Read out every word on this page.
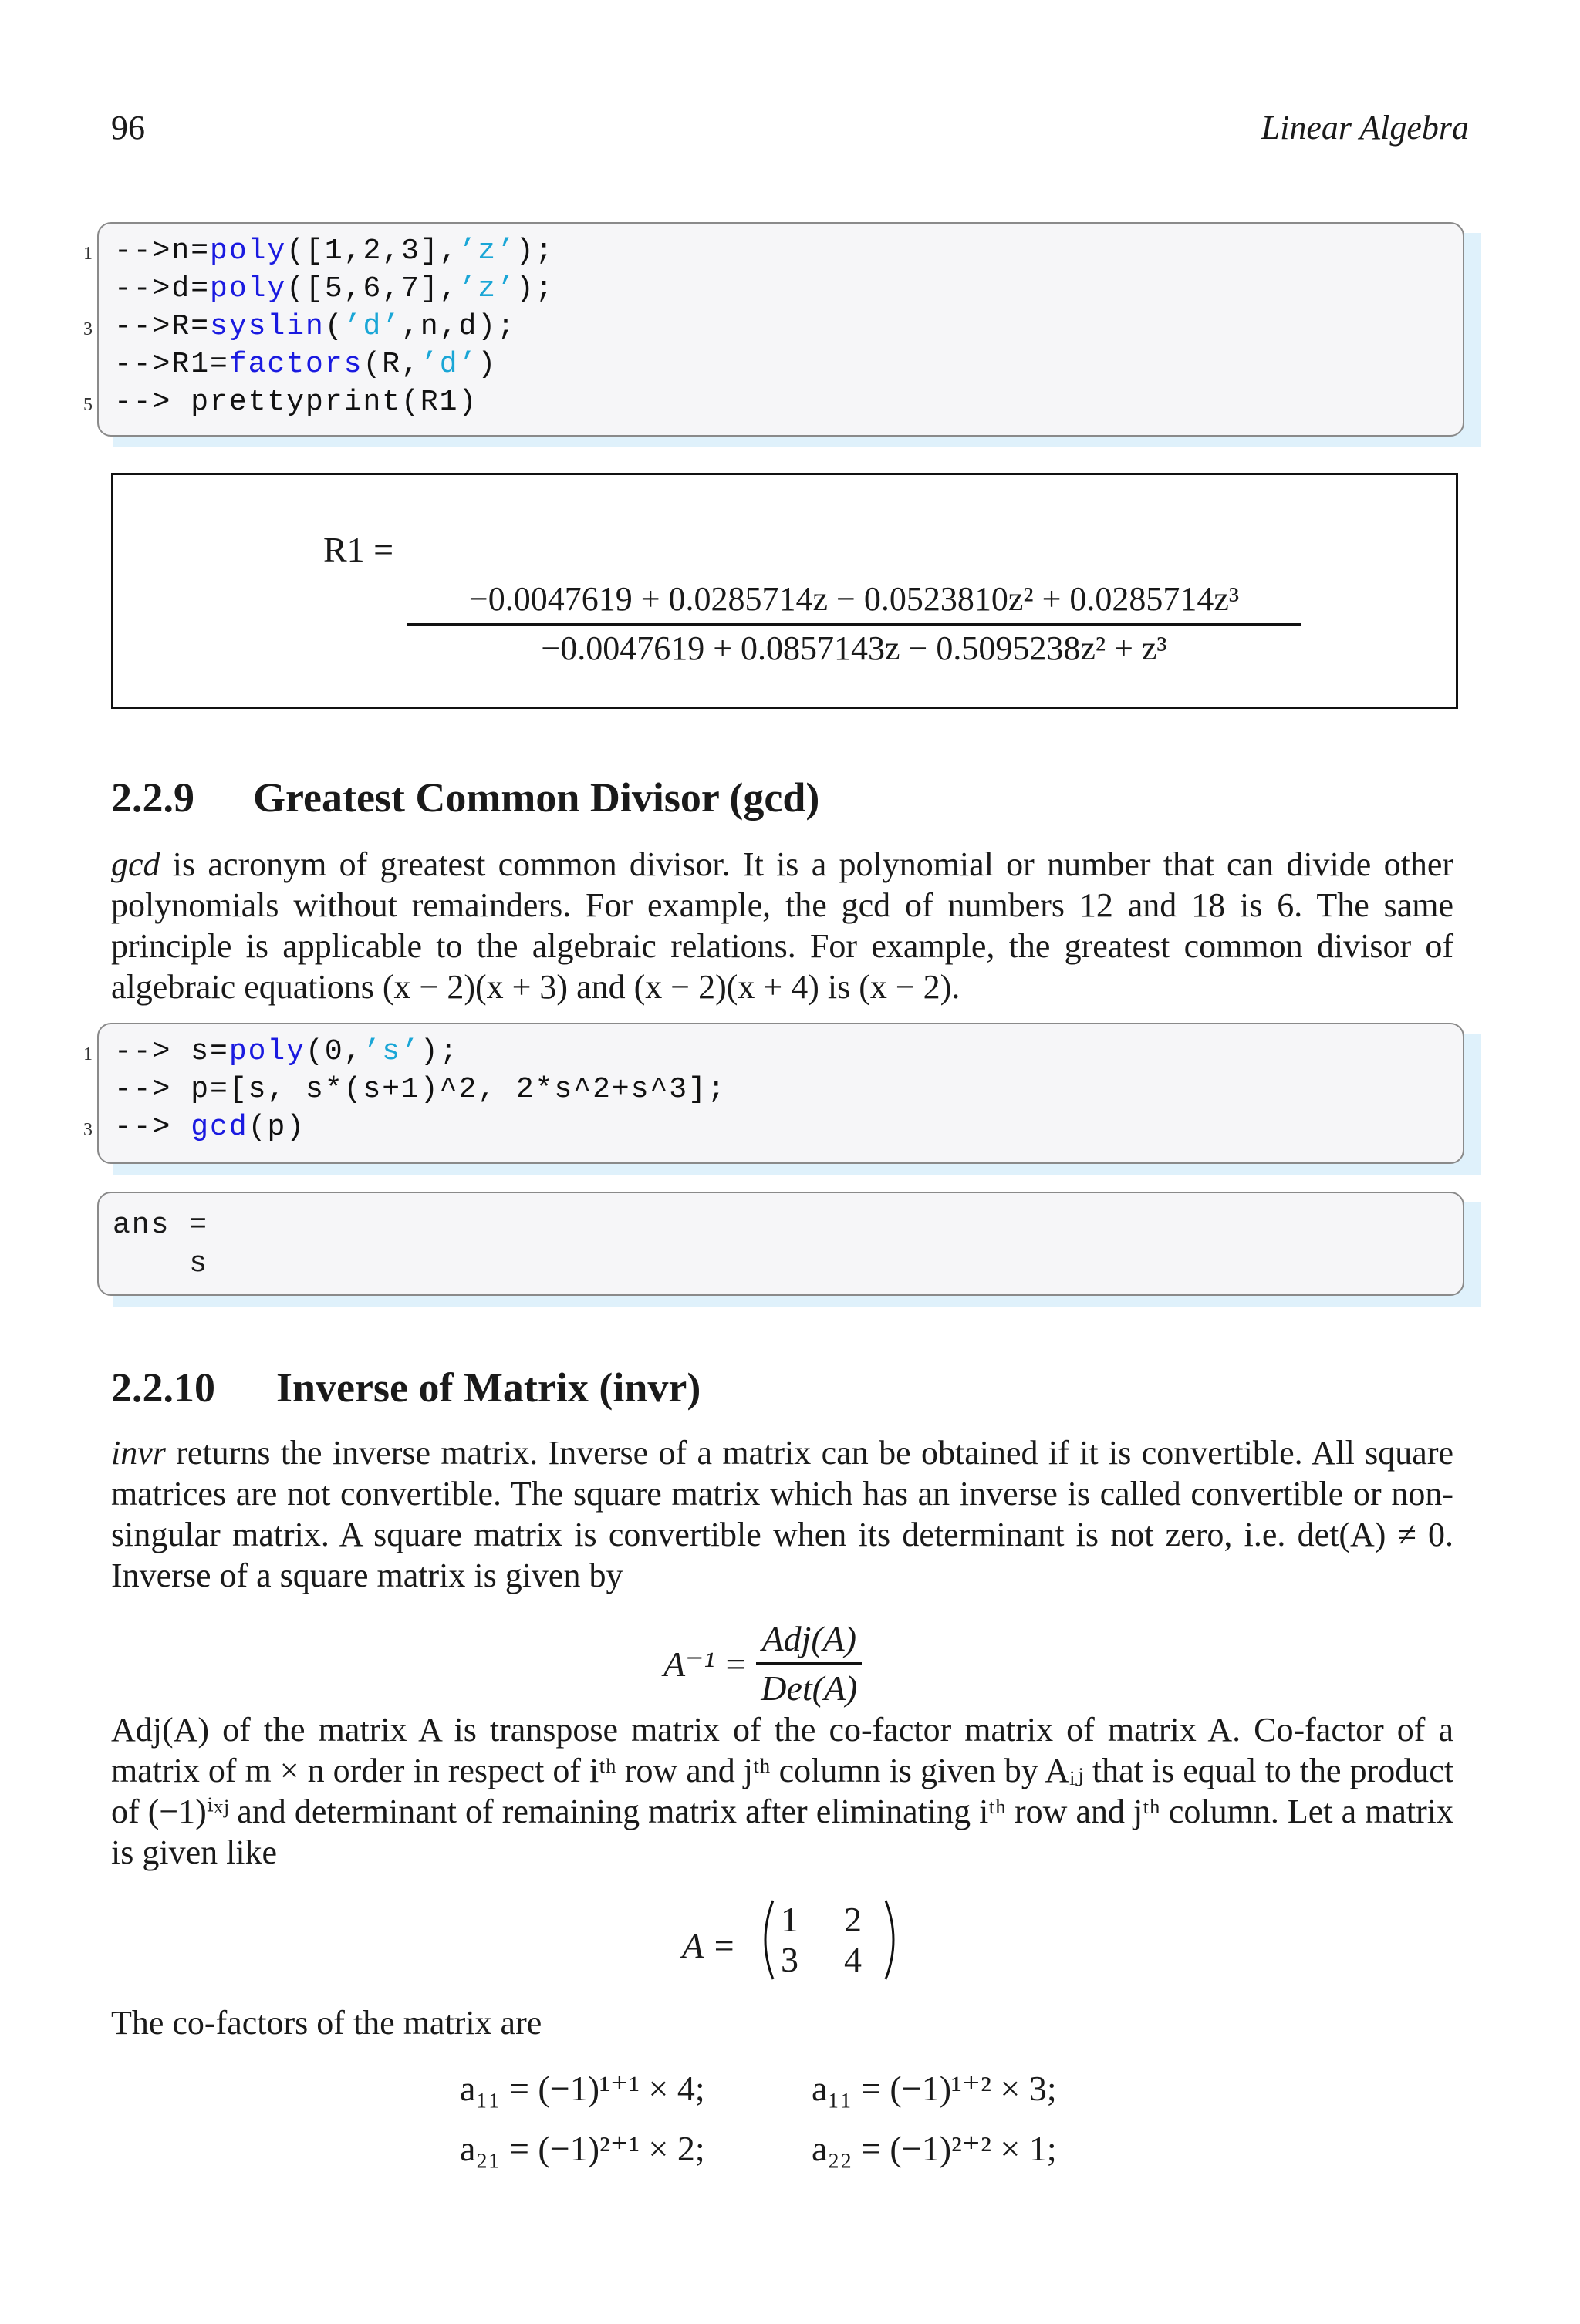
96	Linear Algebra
1 -->n=poly([1,2,3],’z’);
-->d=poly([5,6,7],’z’);
3 -->R=syslin(’d’,n,d);
-->R1=factors(R,’d’)
5 --> prettyprint(R1)
R1 =
−0.0047619 + 0.0285714z − 0.0523810z² + 0.0285714z³
−0.0047619 + 0.0857143z − 0.5095238z² + z³
2.2.9 Greatest Common Divisor (gcd)
gcd is acronym of greatest common divisor. It is a polynomial or number that can divide other polynomials without remainders. For example, the gcd of numbers 12 and 18 is 6. The same principle is applicable to the algebraic relations. For example, the greatest common divisor of algebraic equations (x − 2)(x + 3) and (x − 2)(x + 4) is (x − 2).
1 --> s=poly(0,’s’);
--> p=[s, s*(s+1)^2, 2*s^2+s^3];
3 --> gcd(p)
ans =
s
2.2.10 Inverse of Matrix (invr)
invr returns the inverse matrix. Inverse of a matrix can be obtained if it is convertible. All square matrices are not convertible. The square matrix which has an inverse is called convertible or non-singular matrix. A square matrix is convertible when its determinant is not zero, i.e. det(A) ≠ 0. Inverse of a square matrix is given by
$A^{-1} = \frac{\text{Adj(A)}}{\text{Det(A)}}$
Adj(A) of the matrix A is transpose matrix of the co-factor matrix of matrix A. Co-factor of a matrix of m × n order in respect of iᵗʰ row and jᵗʰ column is given by Aᵢⱼ that is equal to the product of (−1)ⁱˣʲ and determinant of remaining matrix after eliminating iᵗʰ row and jᵗʰ column. Let a matrix is given like
A =
1 2
3 4
The co-factors of the matrix are
a₁₁ = (−1)¹⁺¹ × 4;	a₁₁ = (−1)¹⁺² × 3;
a₂₁ = (−1)²⁺¹ × 2;	a₂₂ = (−1)²⁺² × 1;
